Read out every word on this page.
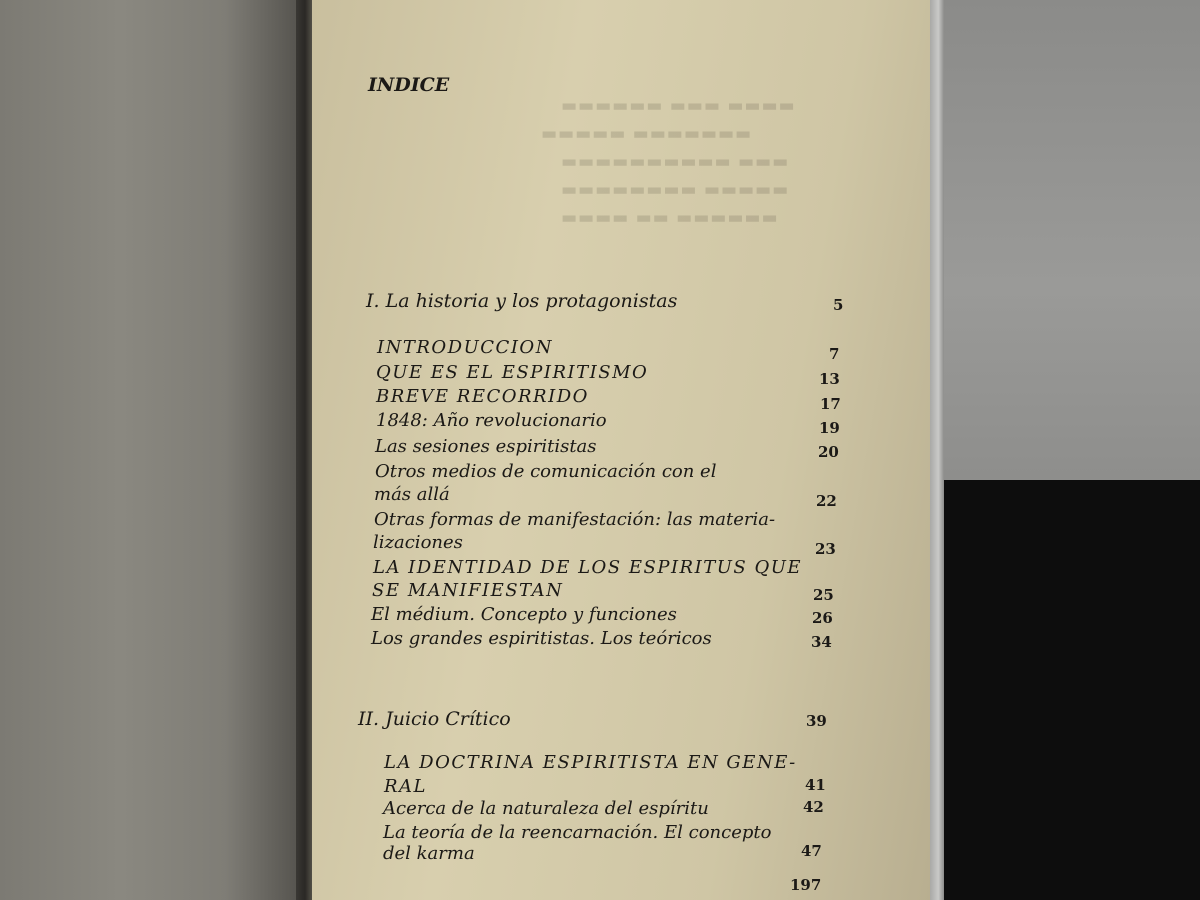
▬▬▬▬ ▬▬▬ ▬▬▬▬▬▬
▬▬▬▬▬▬▬ ▬▬▬▬▬
▬▬▬ ▬▬▬▬▬▬▬▬▬▬
▬▬▬▬▬ ▬▬▬▬▬▬▬▬
▬▬▬▬▬▬ ▬▬ ▬▬▬▬
INDICE
I. La historia y los protagonistas	5
INTRODUCCION	7
QUE ES EL ESPIRITISMO	13
BREVE RECORRIDO	17
1848: Año revolucionario	19
Las sesiones espiritistas	20
Otros medios de comunicación con el
más allá	22
Otras formas de manifestación: las materia-
lizaciones	23
LA IDENTIDAD DE LOS ESPIRITUS QUE
SE MANIFIESTAN	25
El médium. Concepto y funciones	26
Los grandes espiritistas. Los teóricos	34
II. Juicio Crítico	39
LA DOCTRINA ESPIRITISTA EN GENE-
RAL	41
Acerca de la naturaleza del espíritu	42
La teoría de la reencarnación. El concepto
del karma	47
197
